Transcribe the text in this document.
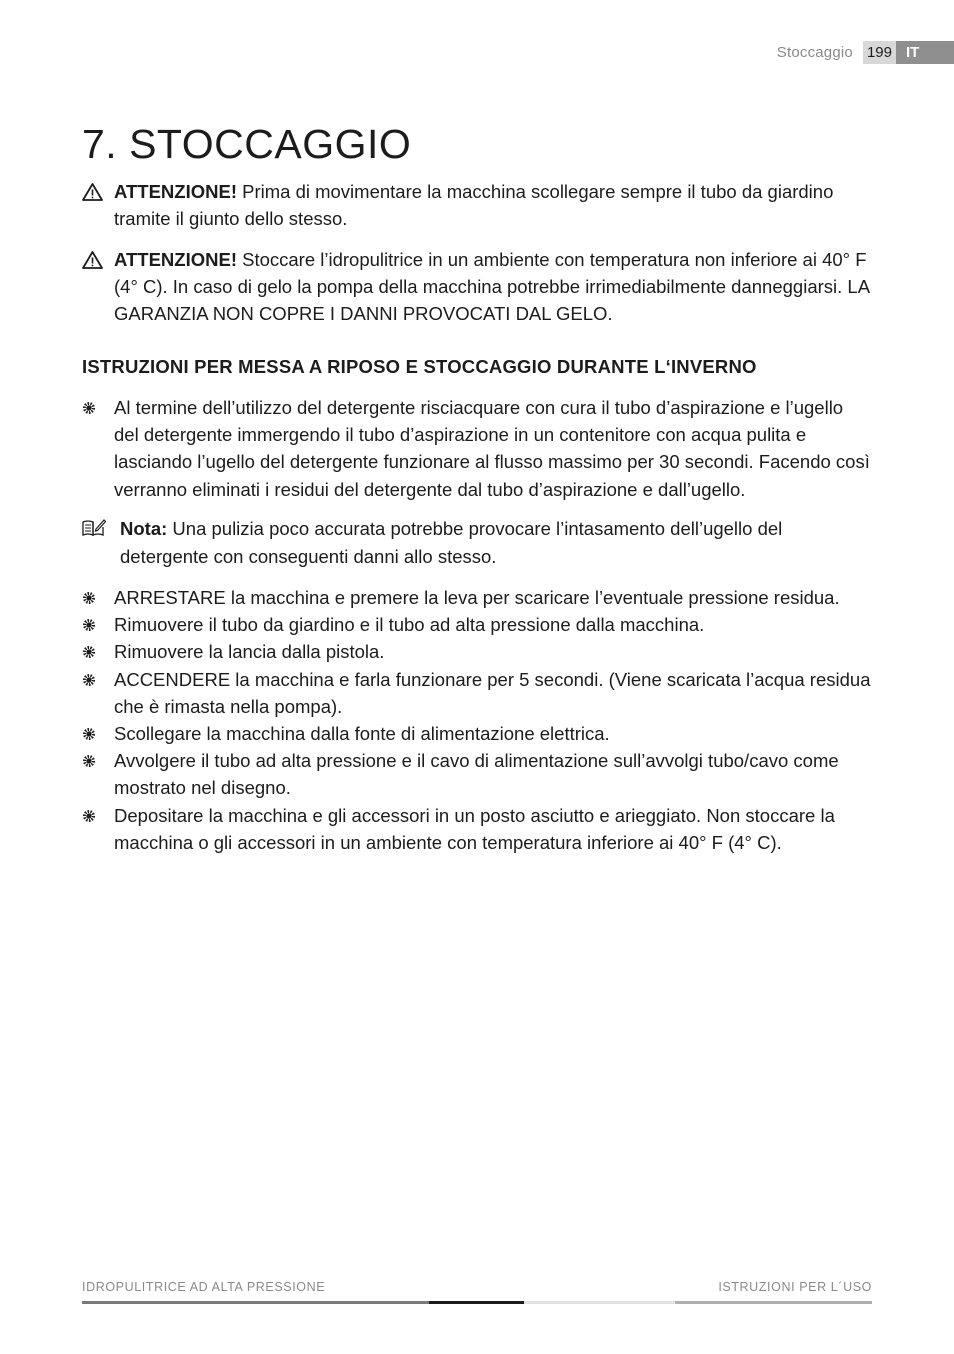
Stoccaggio 199 IT
7. STOCCAGGIO
ATTENZIONE! Prima di movimentare la macchina scollegare sempre il tubo da giardino tramite il giunto dello stesso.
ATTENZIONE! Stoccare l’idropulitrice in un ambiente con temperatura non inferiore ai 40° F (4° C). In caso di gelo la pompa della macchina potrebbe irrimediabilmente danneggiarsi. LA GARANZIA NON COPRE I DANNI PROVOCATI DAL GELO.
ISTRUZIONI PER MESSA A RIPOSO E STOCCAGGIO DURANTE L‘INVERNO
Al termine dell’utilizzo del detergente risciacquare con cura il tubo d’aspirazione e l’ugello del detergente immergendo il tubo d’aspirazione in un contenitore con acqua pulita e lasciando l’ugello del detergente funzionare al flusso massimo per 30 secondi. Facendo così verranno eliminati i residui del detergente dal tubo d’aspirazione e dall’ugello.
Nota: Una pulizia poco accurata potrebbe provocare l’intasamento dell’ugello del detergente con conseguenti danni allo stesso.
ARRESTARE la macchina e premere la leva per scaricare l’eventuale pressione residua.
Rimuovere il tubo da giardino e il tubo ad alta pressione dalla macchina.
Rimuovere la lancia dalla pistola.
ACCENDERE la macchina e farla funzionare per 5 secondi. (Viene scaricata l’acqua residua che è rimasta nella pompa).
Scollegare la macchina dalla fonte di alimentazione elettrica.
Avvolgere il tubo ad alta pressione e il cavo di alimentazione sull’avvolgi tubo/cavo come mostrato nel disegno.
Depositare la macchina e gli accessori in un posto asciutto e arieggiato. Non stoccare la macchina o gli accessori in un ambiente con temperatura inferiore ai 40° F (4° C).
IDROPULITRICE AD ALTA PRESSIONE	ISTRUZIONI PER L´USO
